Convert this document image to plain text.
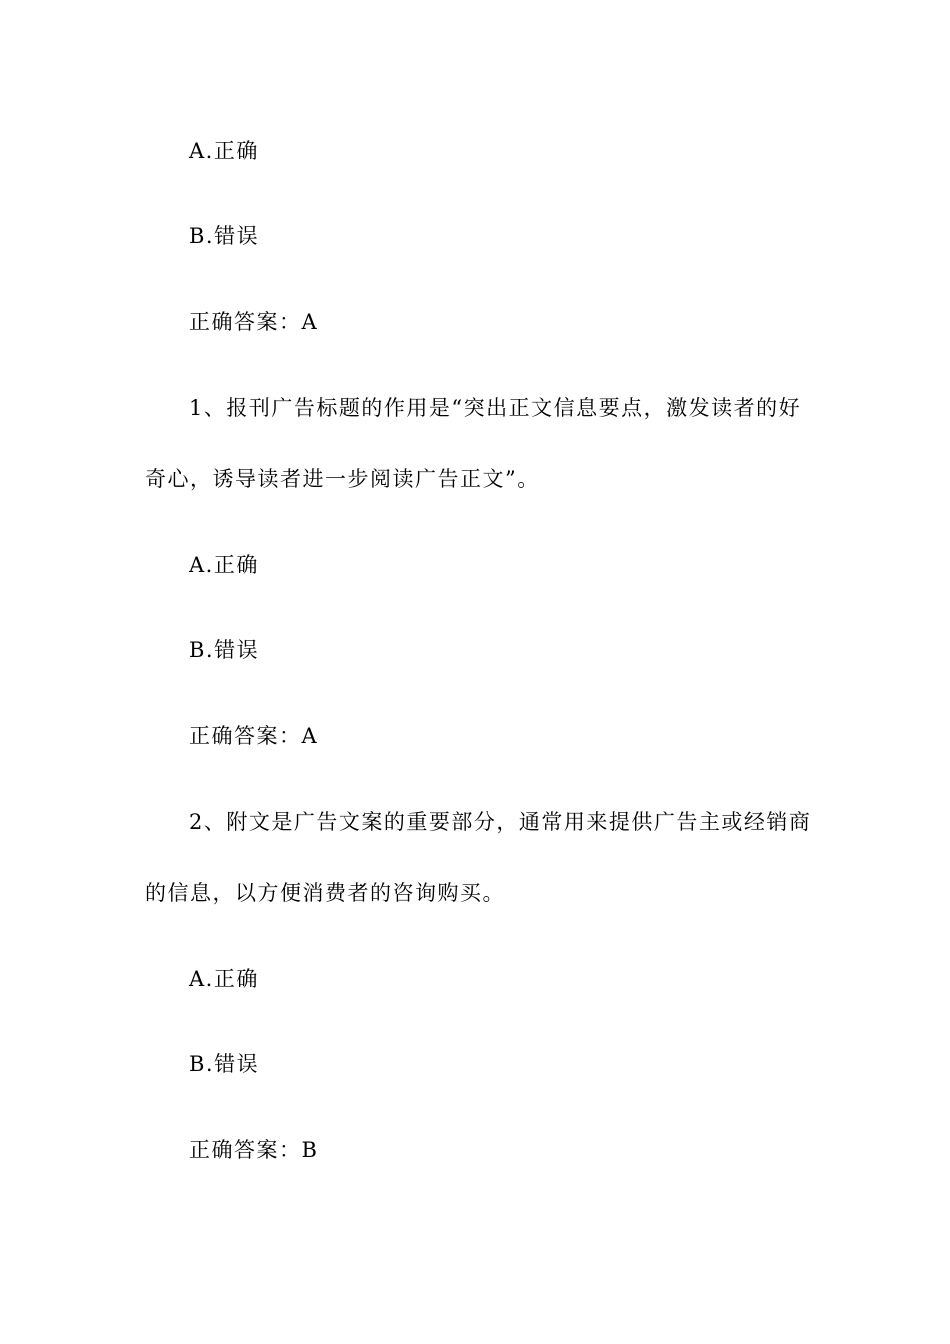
A.正确

B.错误

正确答案：A

1、报刊广告标题的作用是“突出正文信息要点，激发读者的好

奇心，诱导读者进一步阅读广告正文”。

A.正确

B.错误

正确答案：A

2、附文是广告文案的重要部分，通常用来提供广告主或经销商

的信息，以方便消费者的咨询购买。

A.正确

B.错误

正确答案：B
